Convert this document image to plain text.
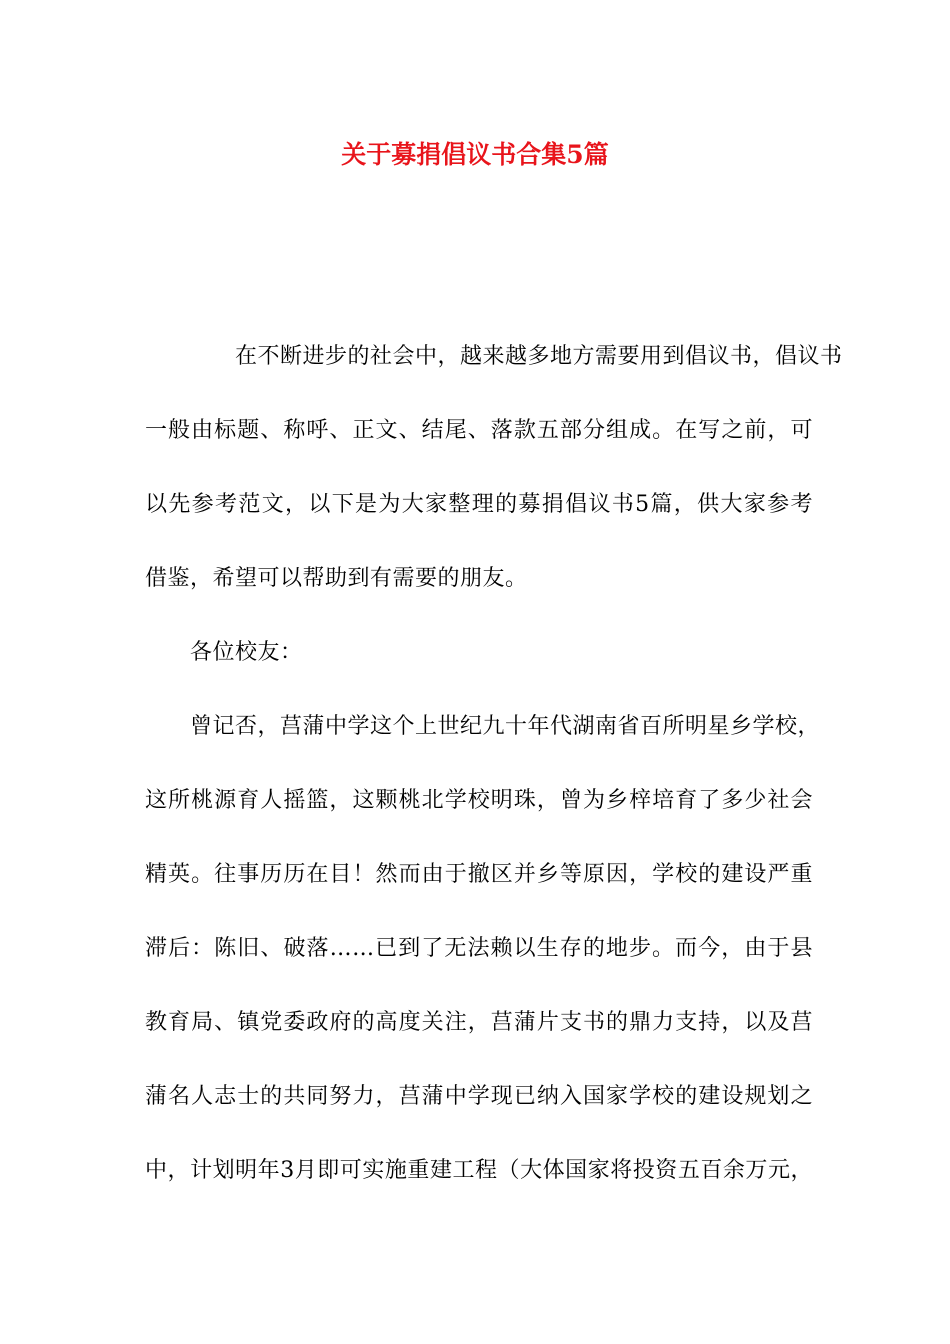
关于募捐倡议书合集5篇
在不断进步的社会中，越来越多地方需要用到倡议书，倡议书
一般由标题、称呼、正文、结尾、落款五部分组成。在写之前，可
以先参考范文，以下是为大家整理的募捐倡议书5篇，供大家参考
借鉴，希望可以帮助到有需要的朋友。
各位校友：
曾记否，莒蒲中学这个上世纪九十年代湖南省百所明星乡学校，
这所桃源育人摇篮，这颗桃北学校明珠，曾为乡梓培育了多少社会
精英。往事历历在目！然而由于撤区并乡等原因，学校的建设严重
滞后：陈旧、破落……已到了无法赖以生存的地步。而今，由于县
教育局、镇党委政府的高度关注，莒蒲片支书的鼎力支持，以及莒
蒲名人志士的共同努力，莒蒲中学现已纳入国家学校的建设规划之
中，计划明年3月即可实施重建工程（大体国家将投资五百余万元，
